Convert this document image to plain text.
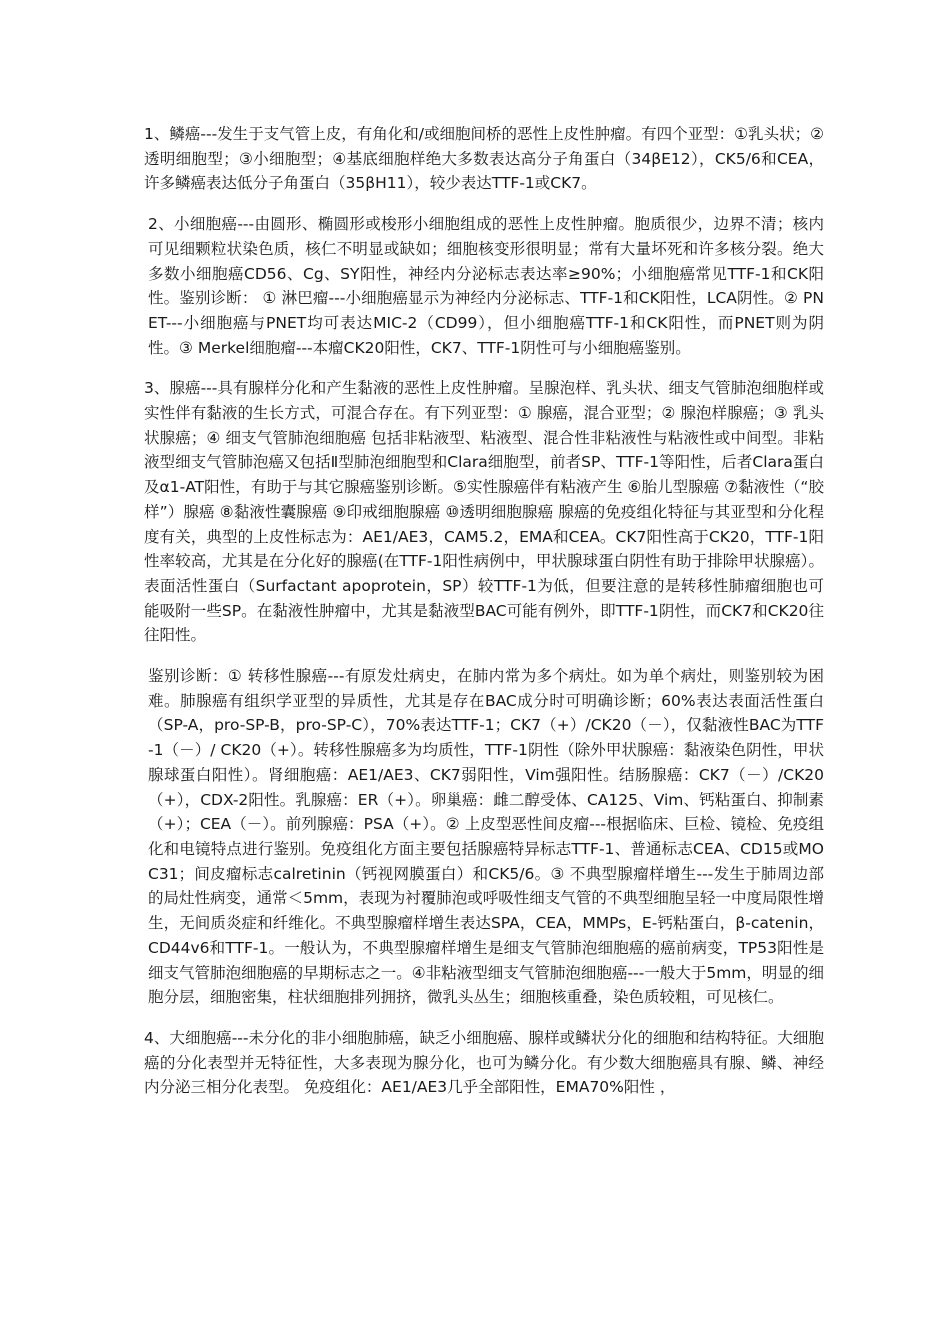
1、鳞癌---发生于支气管上皮，有角化和/或细胞间桥的恶性上皮性肿瘤。有四个亚型：①乳头状；②透明细胞型；③小细胞型；④基底细胞样绝大多数表达高分子角蛋白（34βE12），CK5/6和CEA，许多鳞癌表达低分子角蛋白（35βH11），较少表达TTF-1或CK7。

2、小细胞癌---由圆形、椭圆形或梭形小细胞组成的恶性上皮性肿瘤。胞质很少，边界不清；核内可见细颗粒状染色质，核仁不明显或缺如；细胞核变形很明显；常有大量坏死和许多核分裂。绝大多数小细胞癌CD56、Cg、SY阳性，神经内分泌标志表达率≥90%；小细胞癌常见TTF-1和CK阳性。鉴别诊断： ① 淋巴瘤---小细胞癌显示为神经内分泌标志、TTF-1和CK阳性，LCA阴性。② PNET---小细胞癌与PNET均可表达MIC-2（CD99），但小细胞癌TTF-1和CK阳性，而PNET则为阴性。③ Merkel细胞瘤---本瘤CK20阳性，CK7、TTF-1阴性可与小细胞癌鉴别。

3、腺癌---具有腺样分化和产生黏液的恶性上皮性肿瘤。呈腺泡样、乳头状、细支气管肺泡细胞样或实性伴有黏液的生长方式，可混合存在。有下列亚型：① 腺癌，混合亚型；② 腺泡样腺癌；③ 乳头状腺癌；④ 细支气管肺泡细胞癌 包括非粘液型、粘液型、混合性非粘液性与粘液性或中间型。非粘液型细支气管肺泡癌又包括Ⅱ型肺泡细胞型和Clara细胞型，前者SP、TTF-1等阳性，后者Clara蛋白及α1-AT阳性，有助于与其它腺癌鉴别诊断。⑤实性腺癌伴有粘液产生 ⑥胎儿型腺癌 ⑦黏液性（“胶样”）腺癌 ⑧黏液性囊腺癌 ⑨印戒细胞腺癌 ⑩透明细胞腺癌 腺癌的免疫组化特征与其亚型和分化程度有关，典型的上皮性标志为：AE1/AE3，CAM5.2，EMA和CEA。CK7阳性高于CK20，TTF-1阳性率较高，尤其是在分化好的腺癌(在TTF-1阳性病例中，甲状腺球蛋白阴性有助于排除甲状腺癌）。表面活性蛋白（Surfactant apoprotein，SP）较TTF-1为低，但要注意的是转移性肺瘤细胞也可能吸附一些SP。在黏液性肿瘤中，尤其是黏液型BAC可能有例外，即TTF-1阴性，而CK7和CK20往往阳性。

鉴别诊断：① 转移性腺癌---有原发灶病史，在肺内常为多个病灶。如为单个病灶，则鉴别较为困难。肺腺癌有组织学亚型的异质性，尤其是存在BAC成分时可明确诊断；60%表达表面活性蛋白（SP-A，pro-SP-B，pro-SP-C），70%表达TTF-1；CK7（+）/CK20（－），仅黏液性BAC为TTF-1（－）/ CK20（+）。转移性腺癌多为均质性，TTF-1阴性（除外甲状腺癌：黏液染色阴性，甲状腺球蛋白阳性）。肾细胞癌：AE1/AE3、CK7弱阳性，Vim强阳性。结肠腺癌：CK7（－）/CK20（+），CDX-2阳性。乳腺癌：ER（+）。卵巢癌：雌二醇受体、CA125、Vim、钙粘蛋白、抑制素（+）；CEA（－）。前列腺癌：PSA（+）。② 上皮型恶性间皮瘤---根据临床、巨检、镜检、免疫组化和电镜特点进行鉴别。免疫组化方面主要包括腺癌特异标志TTF-1、普通标志CEA、CD15或MOC31；间皮瘤标志calretinin（钙视网膜蛋白）和CK5/6。③ 不典型腺瘤样增生---发生于肺周边部的局灶性病变，通常＜5mm，表现为衬覆肺泡或呼吸性细支气管的不典型细胞呈轻一中度局限性增生，无间质炎症和纤维化。不典型腺瘤样增生表达SPA，CEA，MMPs，E-钙粘蛋白，β-catenin，CD44v6和TTF-1。一般认为，不典型腺瘤样增生是细支气管肺泡细胞癌的癌前病变，TP53阳性是细支气管肺泡细胞癌的早期标志之一。④非粘液型细支气管肺泡细胞癌---一般大于5mm，明显的细胞分层，细胞密集，柱状细胞排列拥挤，微乳头丛生；细胞核重叠，染色质较粗，可见核仁。

4、大细胞癌---未分化的非小细胞肺癌，缺乏小细胞癌、腺样或鳞状分化的细胞和结构特征。大细胞癌的分化表型并无特征性，大多表现为腺分化，也可为鳞分化。有少数大细胞癌具有腺、鳞、神经内分泌三相分化表型。 免疫组化：AE1/AE3几乎全部阳性，EMA70%阳性 ，
